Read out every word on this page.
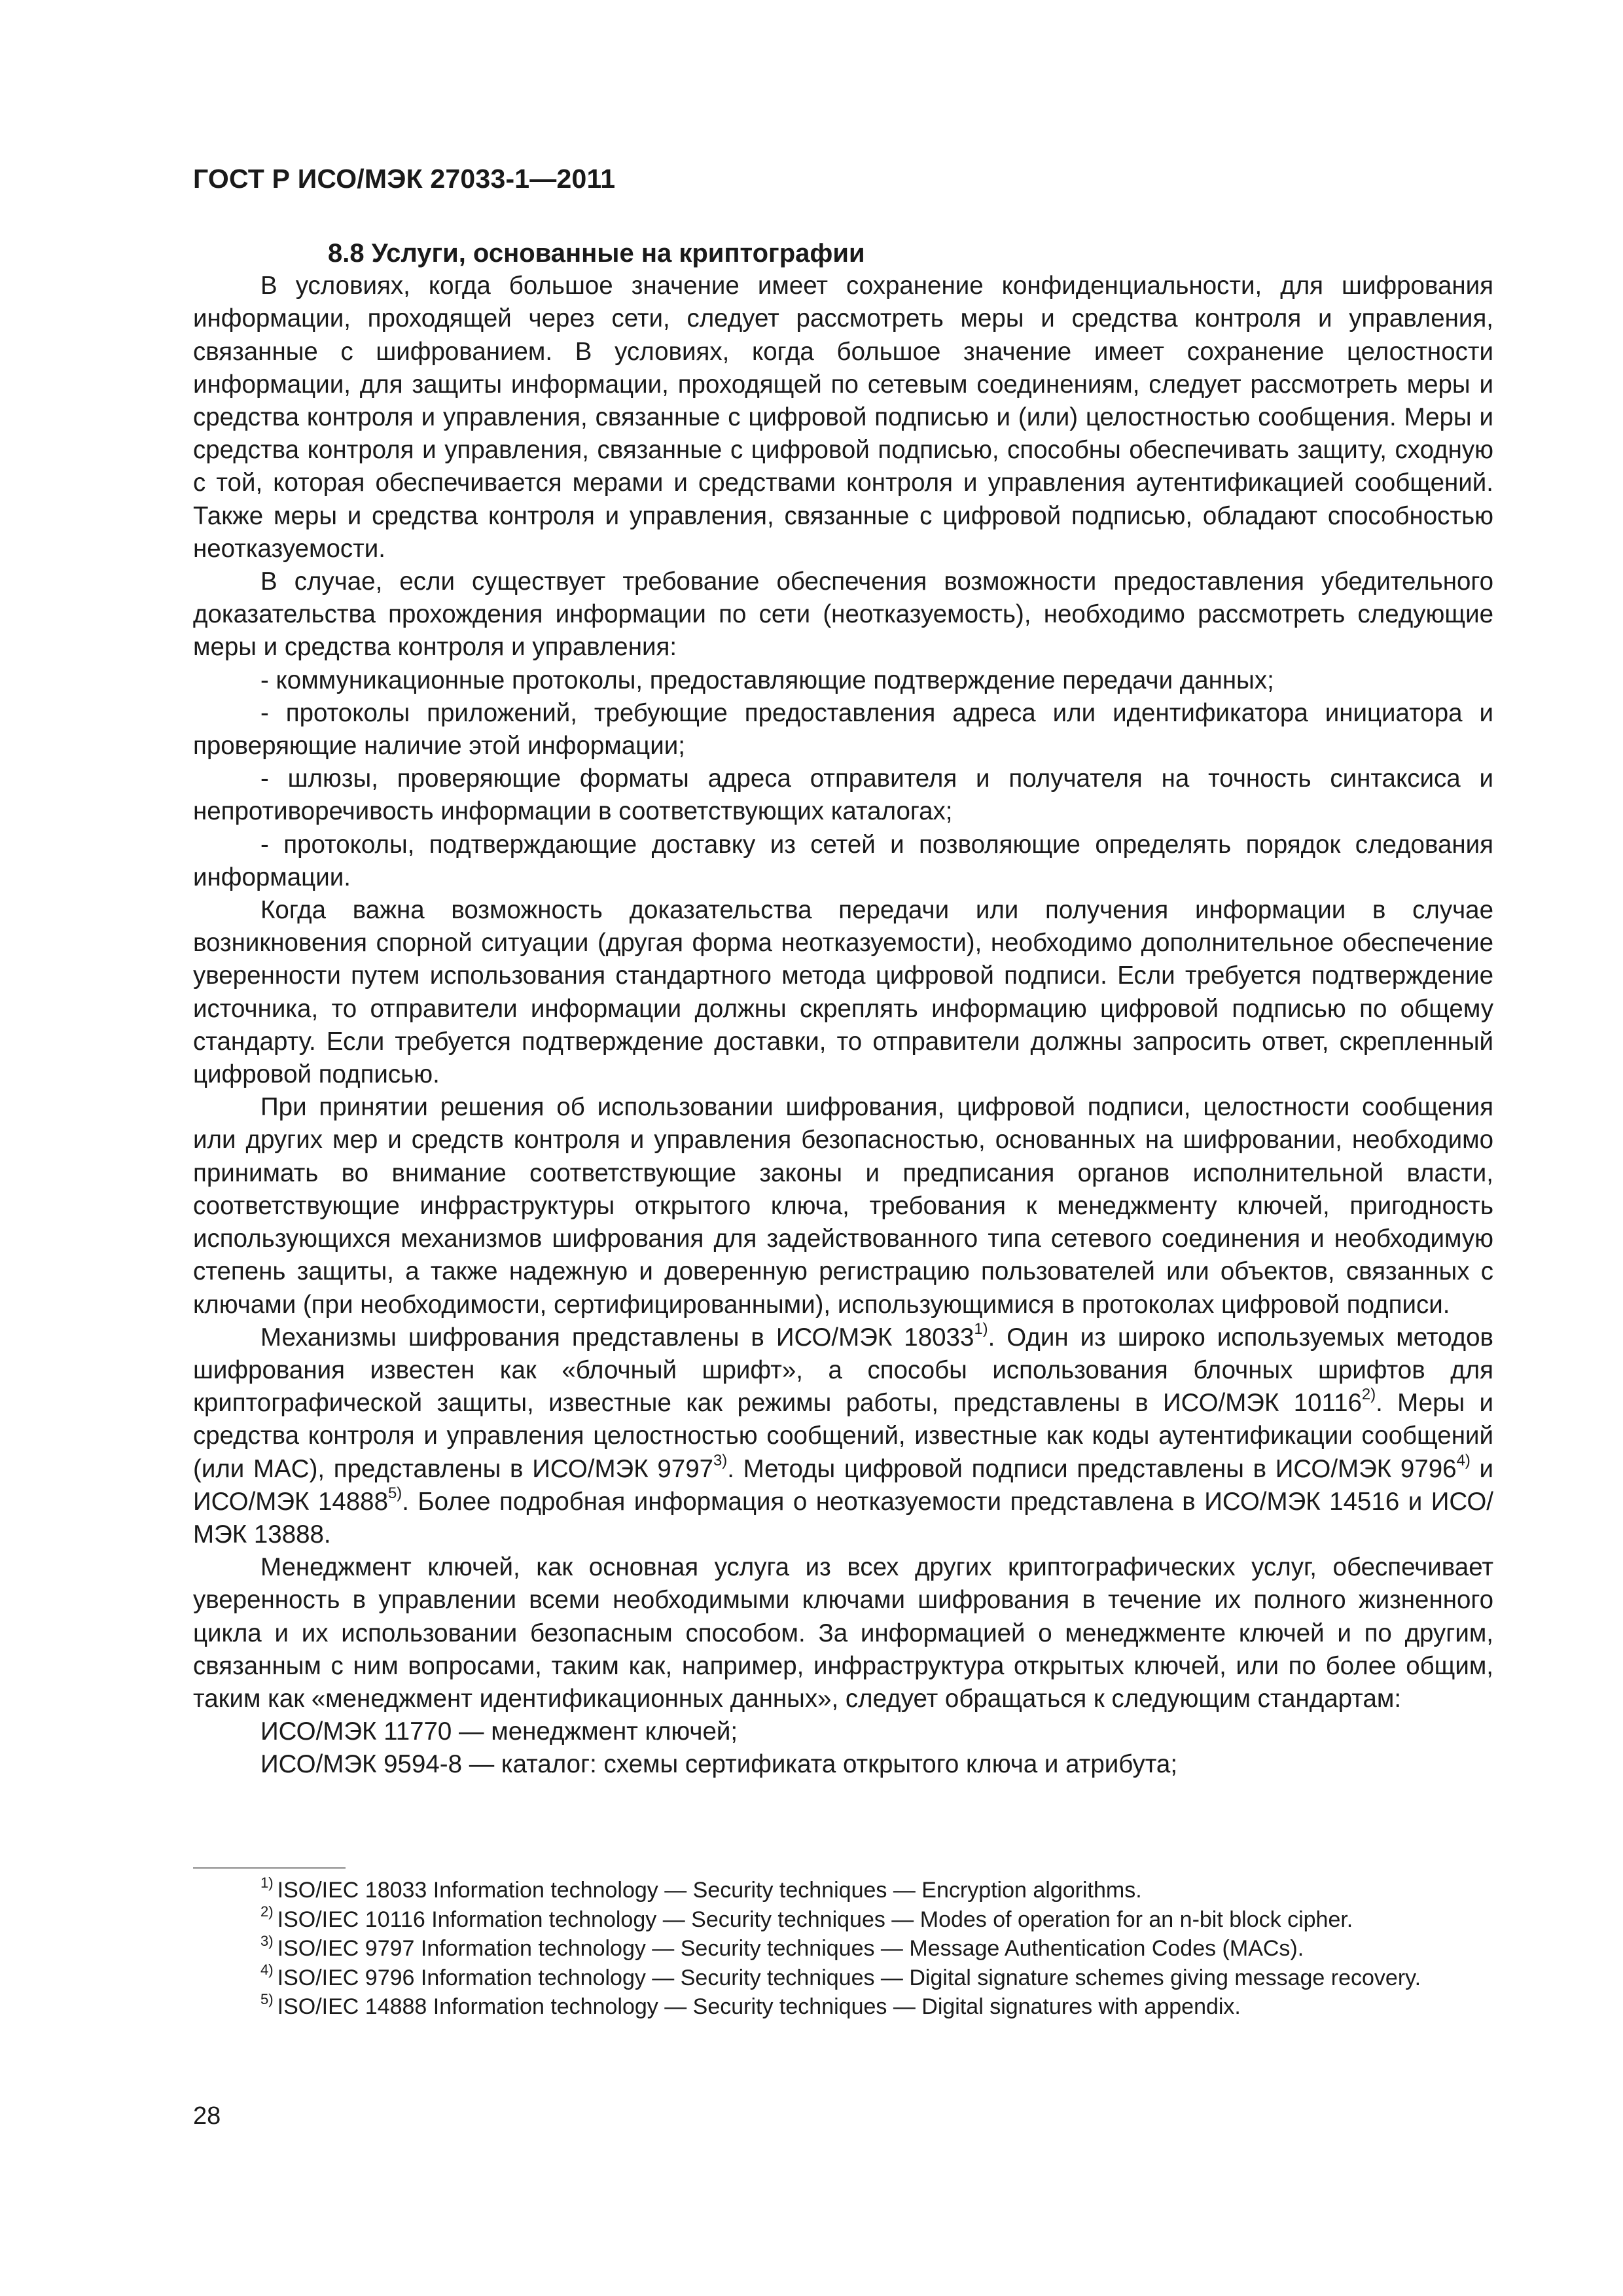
ГОСТ Р ИСО/МЭК 27033-1—2011

8.8 Услуги, основанные на криптографии

В условиях, когда большое значение имеет сохранение конфиденциальности, для шифрования информации, проходящей через сети, следует рассмотреть меры и средства контроля и управления, связанные с шифрованием. В условиях, когда большое значение имеет сохранение целостности информации, для защиты информации, проходящей по сетевым соединениям, следует рассмотреть меры и средства контроля и управления, связанные с цифровой подписью и (или) целостностью сообщения. Меры и средства контроля и управления, связанные с цифровой подписью, способны обеспечивать защиту, сходную с той, которая обеспечивается мерами и средствами контроля и управления аутентификацией сообщений. Также меры и средства контроля и управления, связанные с цифровой подписью, обладают способностью неотказуемости.

В случае, если существует требование обеспечения возможности предоставления убедительного доказательства прохождения информации по сети (неотказуемость), необходимо рассмотреть следующие меры и средства контроля и управления:

- коммуникационные протоколы, предоставляющие подтверждение передачи данных;

- протоколы приложений, требующие предоставления адреса или идентификатора инициатора и проверяющие наличие этой информации;

- шлюзы, проверяющие форматы адреса отправителя и получателя на точность синтаксиса и непротиворечивость информации в соответствующих каталогах;

- протоколы, подтверждающие доставку из сетей и позволяющие определять порядок следования информации.

Когда важна возможность доказательства передачи или получения информации в случае возникновения спорной ситуации (другая форма неотказуемости), необходимо дополнительное обеспечение уверенности путем использования стандартного метода цифровой подписи. Если требуется подтверждение источника, то отправители информации должны скреплять информацию цифровой подписью по общему стандарту. Если требуется подтверждение доставки, то отправители должны запросить ответ, скрепленный цифровой подписью.

При принятии решения об использовании шифрования, цифровой подписи, целостности сообщения или других мер и средств контроля и управления безопасностью, основанных на шифровании, необходимо принимать во внимание соответствующие законы и предписания органов исполнительной власти, соответствующие инфраструктуры открытого ключа, требования к менеджменту ключей, пригодность использующихся механизмов шифрования для задействованного типа сетевого соединения и необходимую степень защиты, а также надежную и доверенную регистрацию пользователей или объектов, связанных с ключами (при необходимости, сертифицированными), использующимися в протоколах цифровой подписи.

Механизмы шифрования представлены в ИСО/МЭК 18033$^{1)}$. Один из широко используемых методов шифрования известен как «блочный шрифт», а способы использования блочных шрифтов для криптографической защиты, известные как режимы работы, представлены в ИСО/МЭК 10116$^{2)}$. Меры и средства контроля и управления целостностью сообщений, известные как коды аутентификации сообщений (или MAC), представлены в ИСО/МЭК 9797$^{3)}$. Методы цифровой подписи представлены в ИСО/МЭК 9796$^{4)}$ и ИСО/МЭК 14888$^{5)}$. Более подробная информация о неотказуемости представлена в ИСО/МЭК 14516 и ИСО/МЭК 13888.

Менеджмент ключей, как основная услуга из всех других криптографических услуг, обеспечивает уверенность в управлении всеми необходимыми ключами шифрования в течение их полного жизненного цикла и их использовании безопасным способом. За информацией о менеджменте ключей и по другим, связанным с ним вопросами, таким как, например, инфраструктура открытых ключей, или по более общим, таким как «менеджмент идентификационных данных», следует обращаться к следующим стандартам:

ИСО/МЭК 11770 — менеджмент ключей;

ИСО/МЭК 9594-8 — каталог: схемы сертификата открытого ключа и атрибута;

$^{1)}$ ISO/IEC 18033 Information technology — Security techniques — Encryption algorithms.

$^{2)}$ ISO/IEC 10116 Information technology — Security techniques — Modes of operation for an n-bit block cipher.

$^{3)}$ ISO/IEC 9797 Information technology — Security techniques — Message Authentication Codes (MACs).

$^{4)}$ ISO/IEC 9796 Information technology — Security techniques — Digital signature schemes giving message recovery.

$^{5)}$ ISO/IEC 14888 Information technology — Security techniques — Digital signatures with appendix.

28
